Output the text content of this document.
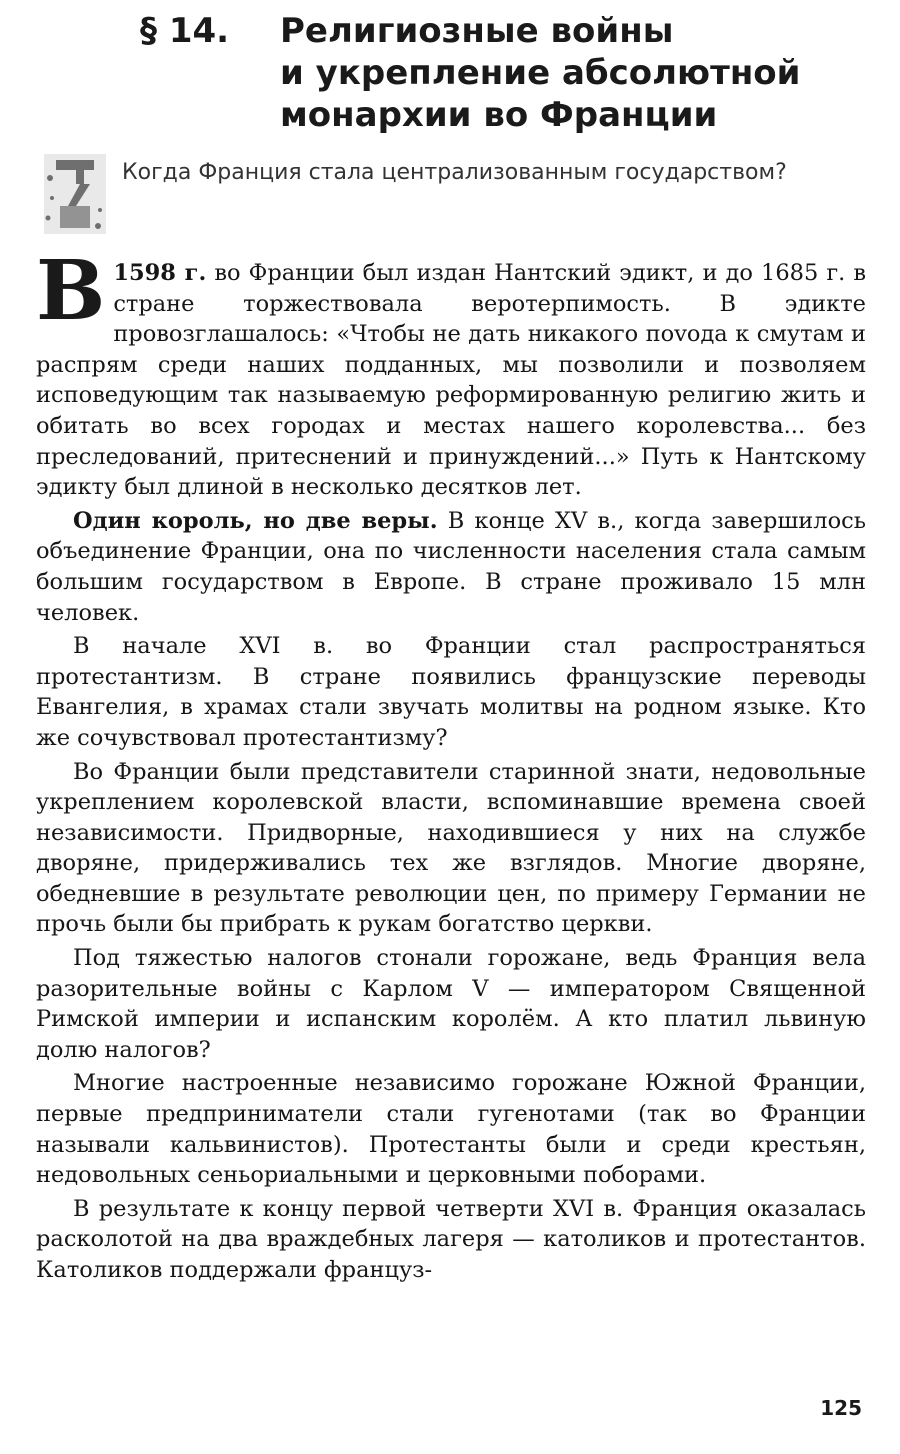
§ 14. Религиозные войны
и укрепление абсолютной
монархии во Франции
Когда Франция стала централизованным государством?

В 1598 г. во Франции был издан Нантский эдикт, и до 1685 г. в стране торжествовала веротерпимость. В эдикте провозглашалось: «Чтобы не дать никакого поvода к смутам и распрям среди наших подданных, мы позволили и позволяем исповедующим так называемую реформированную религию жить и обитать во всех городах и местах нашего королевства... без преследований, притеснений и принуждений...» Путь к Нантскому эдикту был длиной в несколько десятков лет.

Один король, но две веры. В конце XV в., когда завершилось объединение Франции, она по численности населения стала самым большим государством в Европе. В стране проживало 15 млн человек.

В начале XVI в. во Франции стал распространяться протестантизм. В стране появились французские переводы Евангелия, в храмах стали звучать молитвы на родном языке. Кто же сочувствовал протестантизму?

Во Франции были представители старинной знати, недовольные укреплением королевской власти, вспоминавшие времена своей независимости. Придворные, находившиеся у них на службе дворяне, придерживались тех же взглядов. Многие дворяне, обедневшие в результате революции цен, по примеру Германии не прочь были бы прибрать к рукам богатство церкви.

Под тяжестью налогов стонали горожане, ведь Франция вела разорительные войны с Карлом V — императором Священной Римской империи и испанским королём. А кто платил львиную долю налогов?

Многие настроенные независимо горожане Южной Франции, первые предприниматели стали гугенотами (так во Франции называли кальвинистов). Протестанты были и среди крестьян, недовольных сеньориальными и церковными поборами.

В результате к концу первой четверти XVI в. Франция оказалась расколотой на два враждебных лагеря — католиков и протестантов. Католиков поддержали француз-

125
